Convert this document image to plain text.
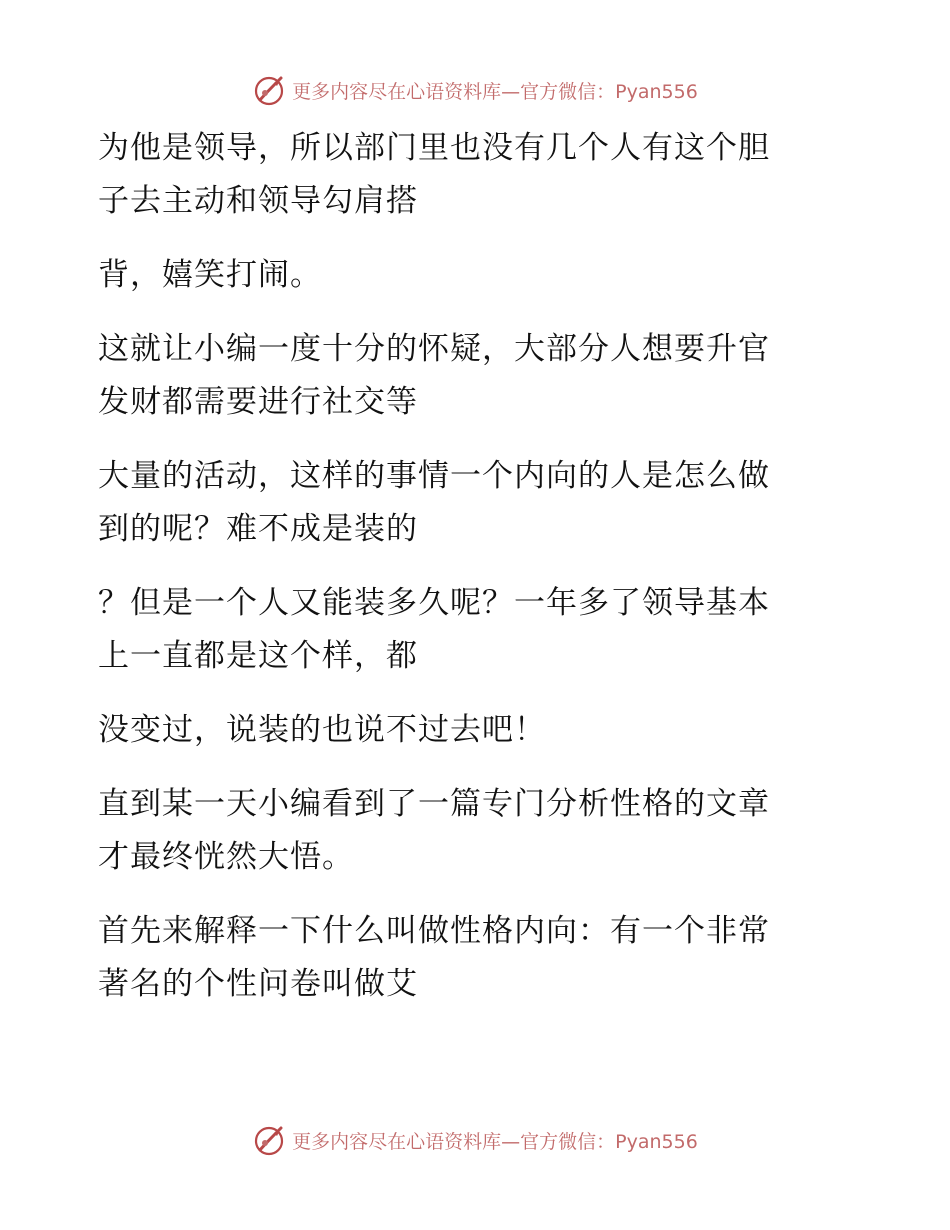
更多内容尽在心语资料库—官方微信：Pyan556

为他是领导，所以部门里也没有几个人有这个胆
子去主动和领导勾肩搭

背，嬉笑打闹。

这就让小编一度十分的怀疑，大部分人想要升官
发财都需要进行社交等

大量的活动，这样的事情一个内向的人是怎么做
到的呢？难不成是装的

？但是一个人又能装多久呢？一年多了领导基本
上一直都是这个样，都

没变过，说装的也说不过去吧！

直到某一天小编看到了一篇专门分析性格的文章
才最终恍然大悟。

首先来解释一下什么叫做性格内向：有一个非常
著名的个性问卷叫做艾

更多内容尽在心语资料库—官方微信：Pyan556
